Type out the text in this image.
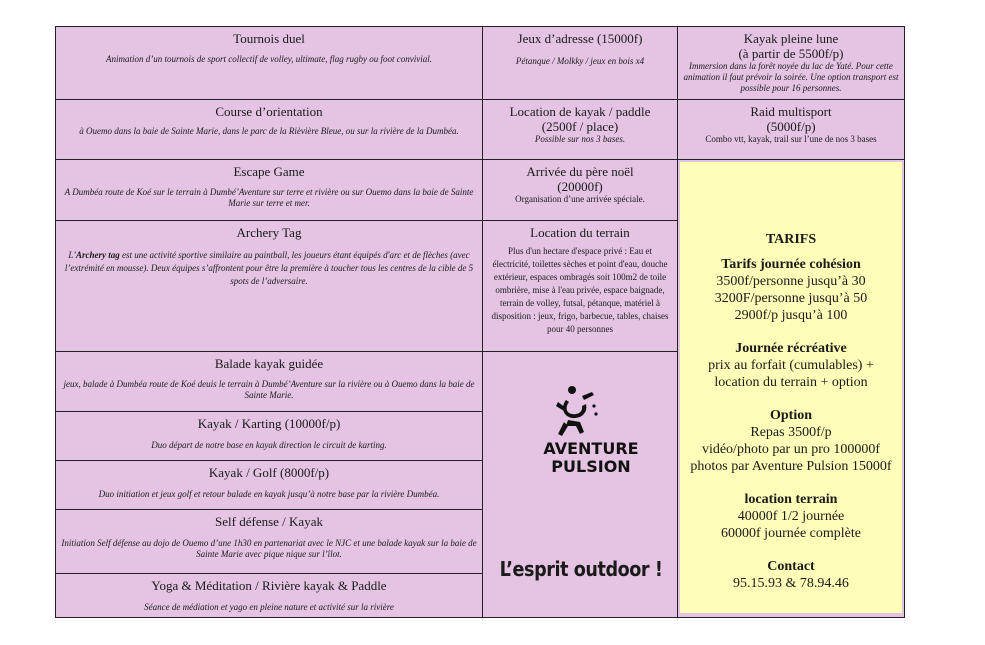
Tournois duel
Animation d’un tournois de sport collectif de volley, ultimate, flag rugby ou foot convivial.
Course d’orientation
à Ouemo dans la baie de Sainte Marie, dans le parc de la Rièvière Bleue, ou sur la rivière de la Dumbéa.
Escape Game
A Dumbéa route de Koé sur le terrain à Dumbé’Aventure sur terre et rivière ou sur Ouemo dans la baie de Sainte Marie sur terre et mer.
Archery Tag
L’Archery tag est une activité sportive similaire au paintball, les joueurs étant équipés d'arc et de flèches (avec l’extrémité en mousse). Deux équipes s’affrontent pour être la première à toucher tous les centres de la cible de 5 spots de l’adversaire.
Balade kayak guidée
jeux, balade à Dumbéa route de Koé deuis le terrain à Dumbé’Aventure sur la rivière ou à Ouemo dans la baie de Sainte Marie.
Kayak / Karting (10000f/p)
Duo départ de notre base en kayak direction le circuit de karting.
Kayak / Golf (8000f/p)
Duo initiation et jeux golf et retour balade en kayak jusqu’à notre base par la rivière Dumbéa.
Self défense / Kayak
Initiation Self défense au dojo de Ouemo d’une 1h30 en partenariat avec le NJC et une balade kayak sur la baie de Sainte Marie avec pique nique sur l’îlot.
Yoga & Méditation / Rivière kayak & Paddle
Séance de médiation et yago en pleine nature et activité sur la rivière
Jeux d’adresse (15000f)
Pétanque / Molkky / jeux en bois x4
Location de kayak / paddle
(2500f / place)
Possible sur nos 3 bases.
Arrivée du père noël
(20000f)
Organisation d’une arrivée spéciale.
Location du terrain
Plus d'un hectare d'espace privé : Eau et électricité, toilettes sèches et point d'eau, douche extérieur, espaces ombragés soit 100m2 de toile ombrière, mise à l'eau privée, espace baignade, terrain de volley, futsal, pétanque, matériel à disposition : jeux, frigo, barbecue, tables, chaises pour 40 personnes
Kayak pleine lune
(à partir de 5500f/p)
Immersion dans la forêt noyée du lac de Yaté. Pour cette animation il faut prévoir la soirée. Une option transport est possible pour 16 personnes.
Raid multisport
(5000f/p)
Combo vtt, kayak, trail sur l’une de nos 3 bases
TARIFS
Tarifs journée cohésion
3500f/personne jusqu’à 30
3200F/personne jusqu’à 50
2900f/p jusqu’à 100
Journée récréative
prix au forfait (cumulables) +
location du terrain + option
Option
Repas 3500f/p
vidéo/photo par un pro 100000f
photos par Aventure Pulsion 15000f
location terrain
40000f 1/2 journée
60000f journée complète
Contact
95.15.93 & 78.94.46
AVENTURE
PULSION
L’esprit outdoor !
